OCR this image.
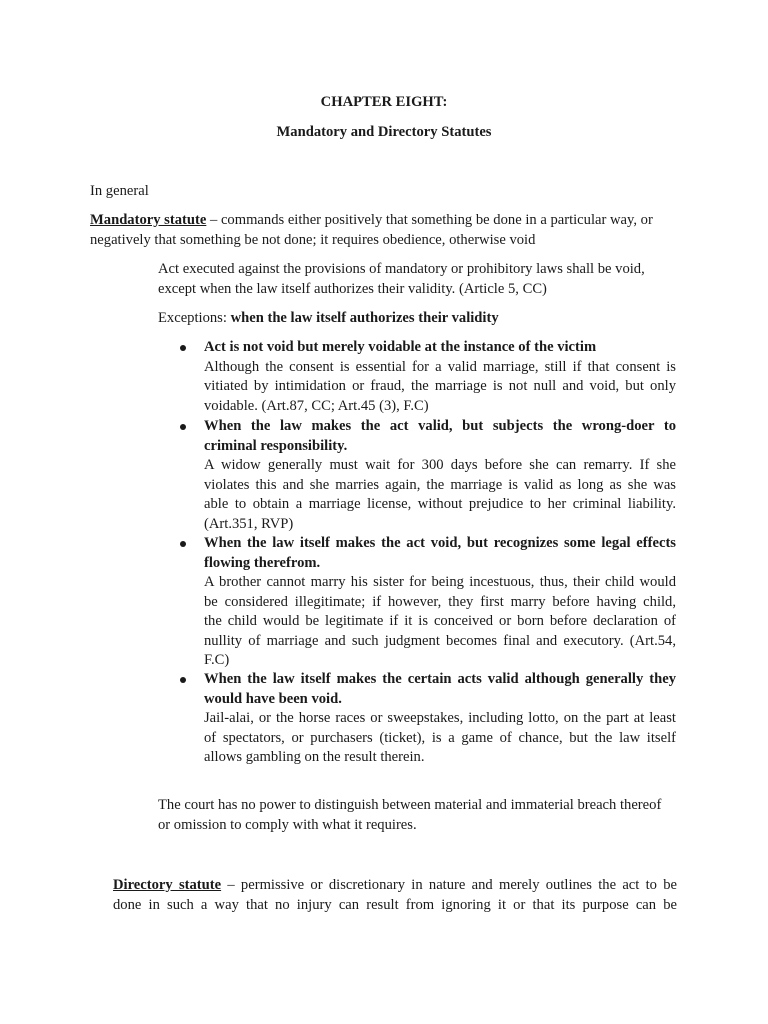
CHAPTER EIGHT:
Mandatory and Directory Statutes
In general
Mandatory statute – commands either positively that something be done in a particular way, or
negatively that something be not done; it requires obedience, otherwise void
Act executed against the provisions of mandatory or prohibitory laws shall be void,
except when the law itself authorizes their validity. (Article 5, CC)
Exceptions: when the law itself authorizes their validity
Act is not void but merely voidable at the instance of the victim
Although the consent is essential for a valid marriage, still if that consent is
vitiated by intimidation or fraud, the marriage is not null and void, but only
voidable. (Art.87, CC; Art.45 (3), F.C)
When the law makes the act valid, but subjects the wrong-doer to
criminal responsibility.
A widow generally must wait for 300 days before she can remarry. If she
violates this and she marries again, the marriage is valid as long as she was
able to obtain a marriage license, without prejudice to her criminal liability.
(Art.351, RVP)
When the law itself makes the act void, but recognizes some legal effects
flowing therefrom.
A brother cannot marry his sister for being incestuous, thus, their child would
be considered illegitimate; if however, they first marry before having child,
the child would be legitimate if it is conceived or born before declaration of
nullity of marriage and such judgment becomes final and executory. (Art.54,
F.C)
When the law itself makes the certain acts valid although generally they
would have been void.
Jail-alai, or the horse races or sweepstakes, including lotto, on the part at least
of spectators, or purchasers (ticket), is a game of chance, but the law itself
allows gambling on the result therein.
The court has no power to distinguish between material and immaterial breach thereof
or omission to comply with what it requires.
Directory statute – permissive or discretionary in nature and merely outlines the act to be
done in such a way that no injury can result from ignoring it or that its purpose can be
